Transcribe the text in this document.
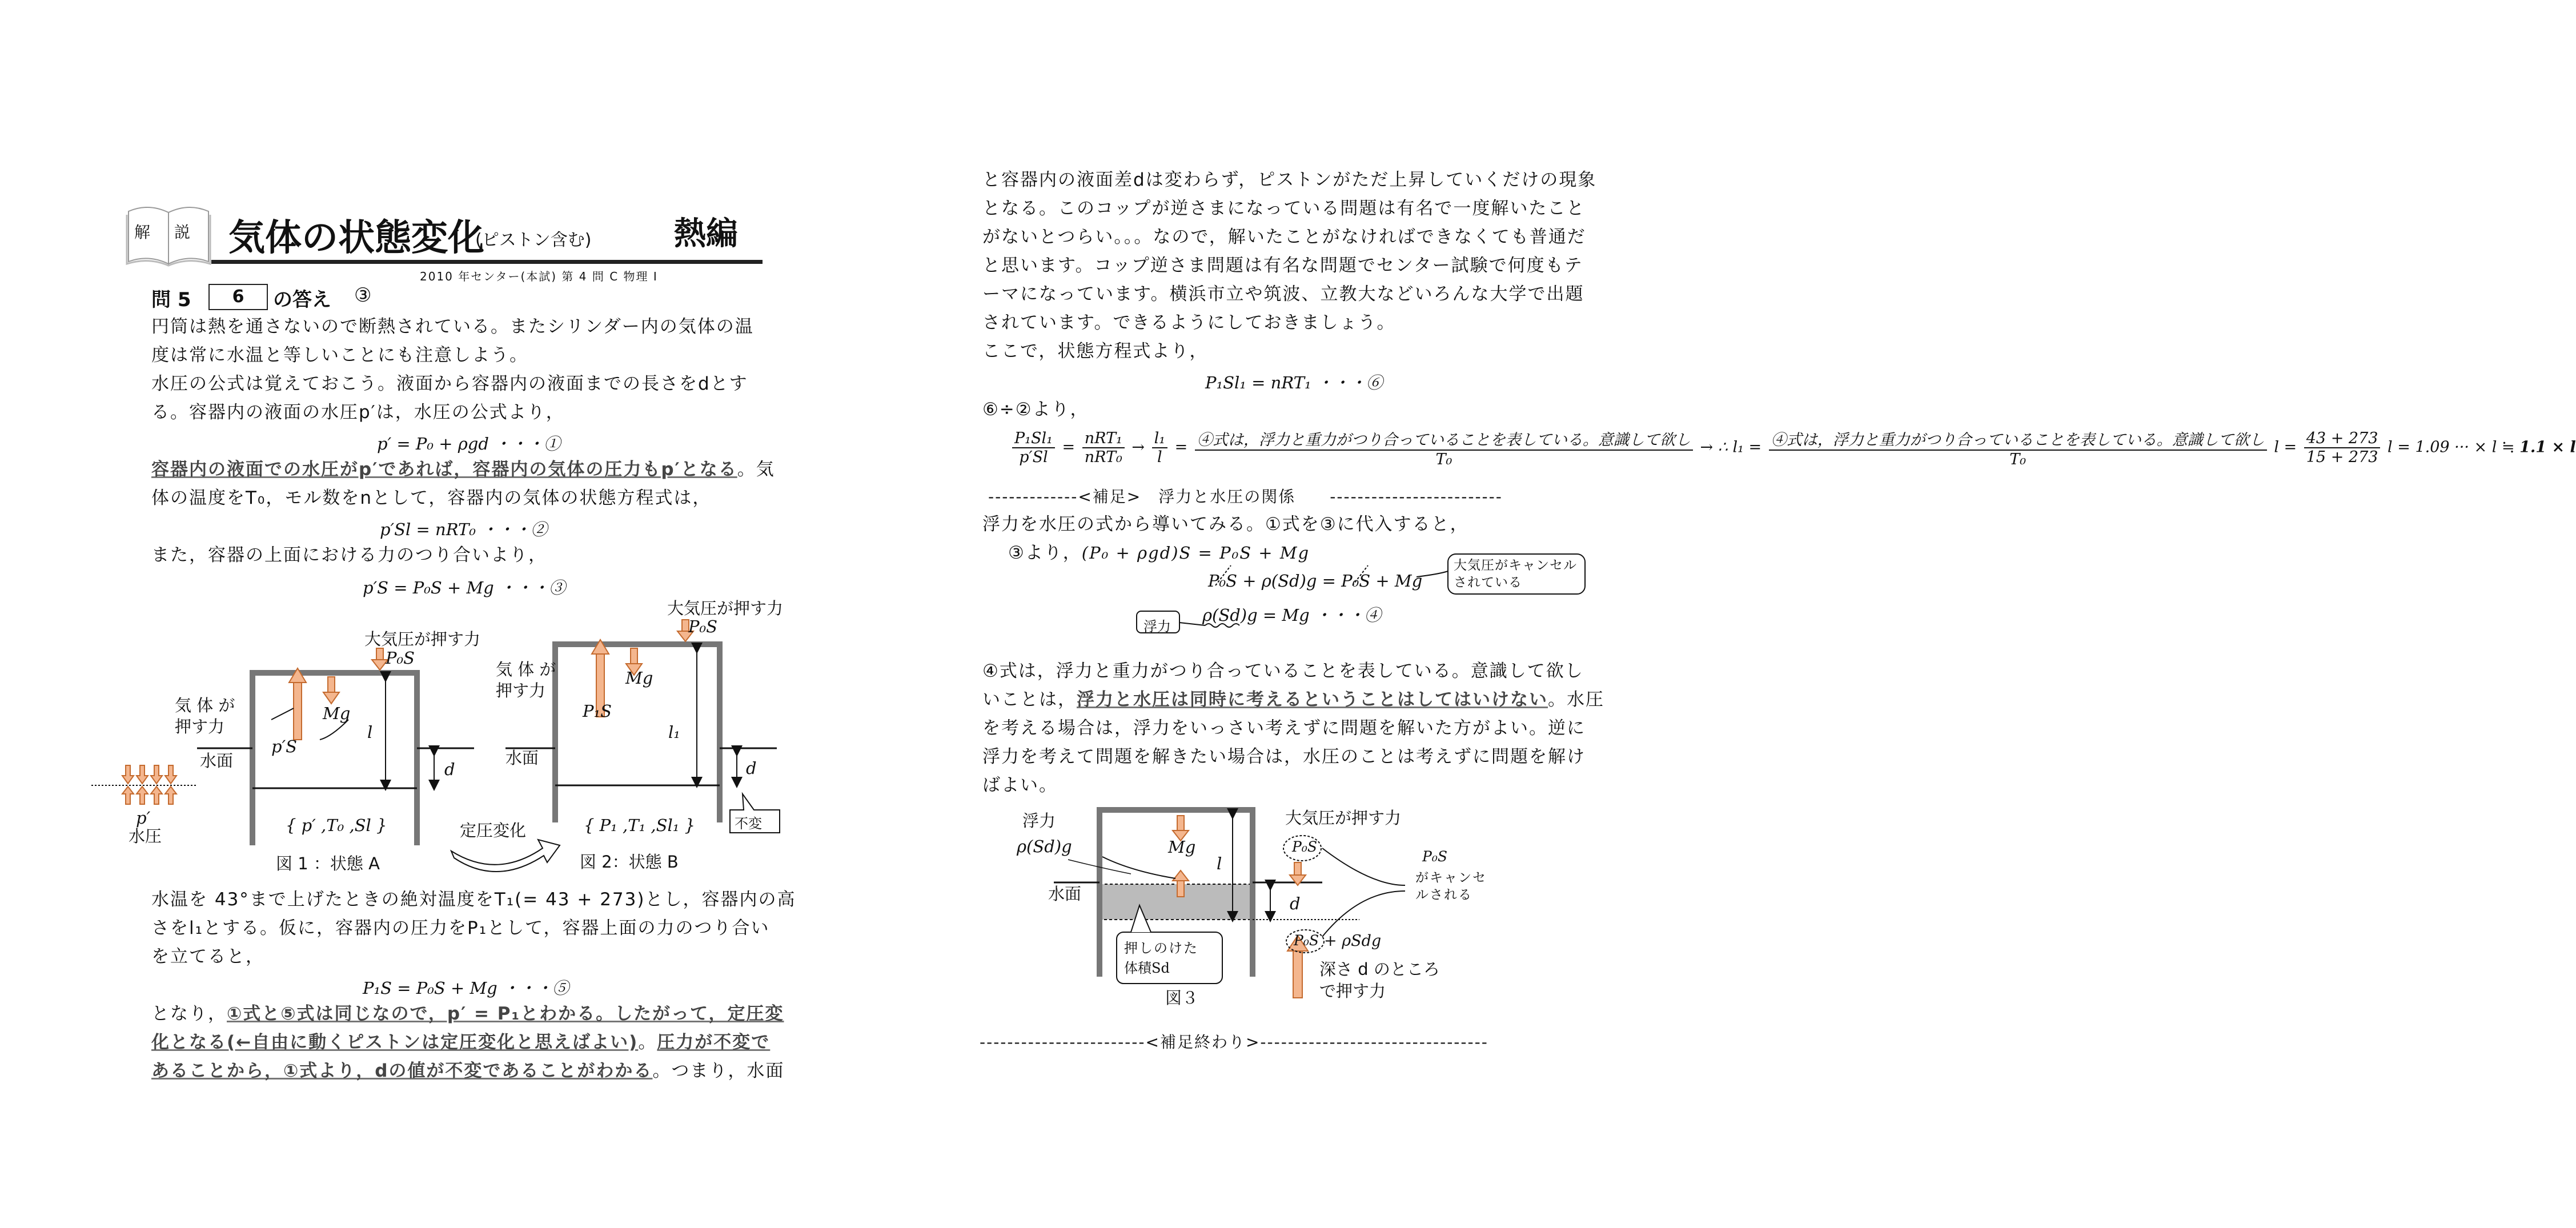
解 説 気体の状態変化
(ピストン含む)	熱編
2010 年センター(本試) 第 4 問 C 物理 I
問 5	6	の答え ③
円筒は熱を通さないので断熱されている。またシリンダー内の気体の温
度は常に水温と等しいことにも注意しよう。
水圧の公式は覚えておこう。液面から容器内の液面までの長さをdとす
る。容器内の液面の水圧p′は，水圧の公式より，
p′ = P₀ + ρgd ・・・①
容器内の液面での水圧がp′であれば，容器内の気体の圧力もp′となる。気
体の温度をT₀，モル数をnとして，容器内の気体の状態方程式は，
p′Sl = nRT₀ ・・・②
また，容器の上面における力のつり合いより，
p′S = P₀S + Mg ・・・③
大気圧が押す力
P₀S
気 体 が
押す力
Mg
p′S
l
d
水面
p′
水圧
{ p′ ,T₀ ,Sl }
図 1 ：状態 A
大気圧が押す力
P₀S
気 体 が
押す力
Mg
P₁S
l₁
d
水面
不変
{ P₁ ,T₁ ,Sl₁ }
図 2：状態 B
定圧変化
水温を 43°まで上げたときの絶対温度をT₁(= 43 + 273)とし，容器内の高
さをl₁とする。仮に，容器内の圧力をP₁として，容器上面の力のつり合い
を立てると，
P₁S = P₀S + Mg ・・・⑤
となり，①式と⑤式は同じなので，p′ = P₁とわかる。したがって，定圧変
化となる(←自由に動くピストンは定圧変化と思えばよい)。圧力が不変で
あることから，①式より，dの値が不変であることがわかる。つまり，水面
と容器内の液面差dは変わらず，ピストンがただ上昇していくだけの現象
となる。このコップが逆さまになっている問題は有名で一度解いたこと
がないとつらい。。。なので，解いたことがなければできなくても普通だ
と思います。コップ逆さま問題は有名な問題でセンター試験で何度もテ
ーマになっています。横浜市立や筑波、立教大などいろんな大学で出題
されています。できるようにしておきましょう。
ここで，状態方程式より，
P₁Sl₁ = nRT₁ ・・・⑥
⑥÷②より，
$\frac{\text{P₁Sl₁}}{p'Sl} = \frac{\text{nRT₁}}{\text{nRT₀}} \to \frac{\text{l₁}}{l} = \frac{\text{④式は，浮力と重力がつり合っていることを表している。意識して欲し}}{\text{T₀}}$ → ∴ $l_1 = \frac{\text{④式は，浮力と重力がつり合っていることを表している。意識して欲し}}{\text{T₀}}$ $l = \frac{43 + 273}{15 + 273}$ l = 1.09 ··· × l ≒ 1.1 × l
-------------<補足>　浮力と水圧の関係　　-------------------------
浮力を水圧の式から導いてみる。①式を③に代入すると，
③より，(P₀ + ρgd)S = P₀S + Mg
P₀S + ρ(Sd)g = P₀S + Mg
ρ(Sd)g = Mg ・・・④
大気圧がキャンセルされている
浮力
④式は，浮力と重力がつり合っていることを表している。意識して欲し
いことは，浮力と水圧は同時に考えるということはしてはいけない。水圧
を考える場合は，浮力をいっさい考えずに問題を解いた方がよい。逆に
浮力を考えて問題を解きたい場合は，水圧のことは考えずに問題を解け
ばよい。
浮力
ρ(Sd)g	Mg
l
d
水面
押しのけた
体積Sd
図３
大気圧が押す力
P₀S
P₀S + ρSdg
P₀S
がキャンセ
ルされる
深さ d のところ
で押す力
------------------------<補足終わり>---------------------------------
